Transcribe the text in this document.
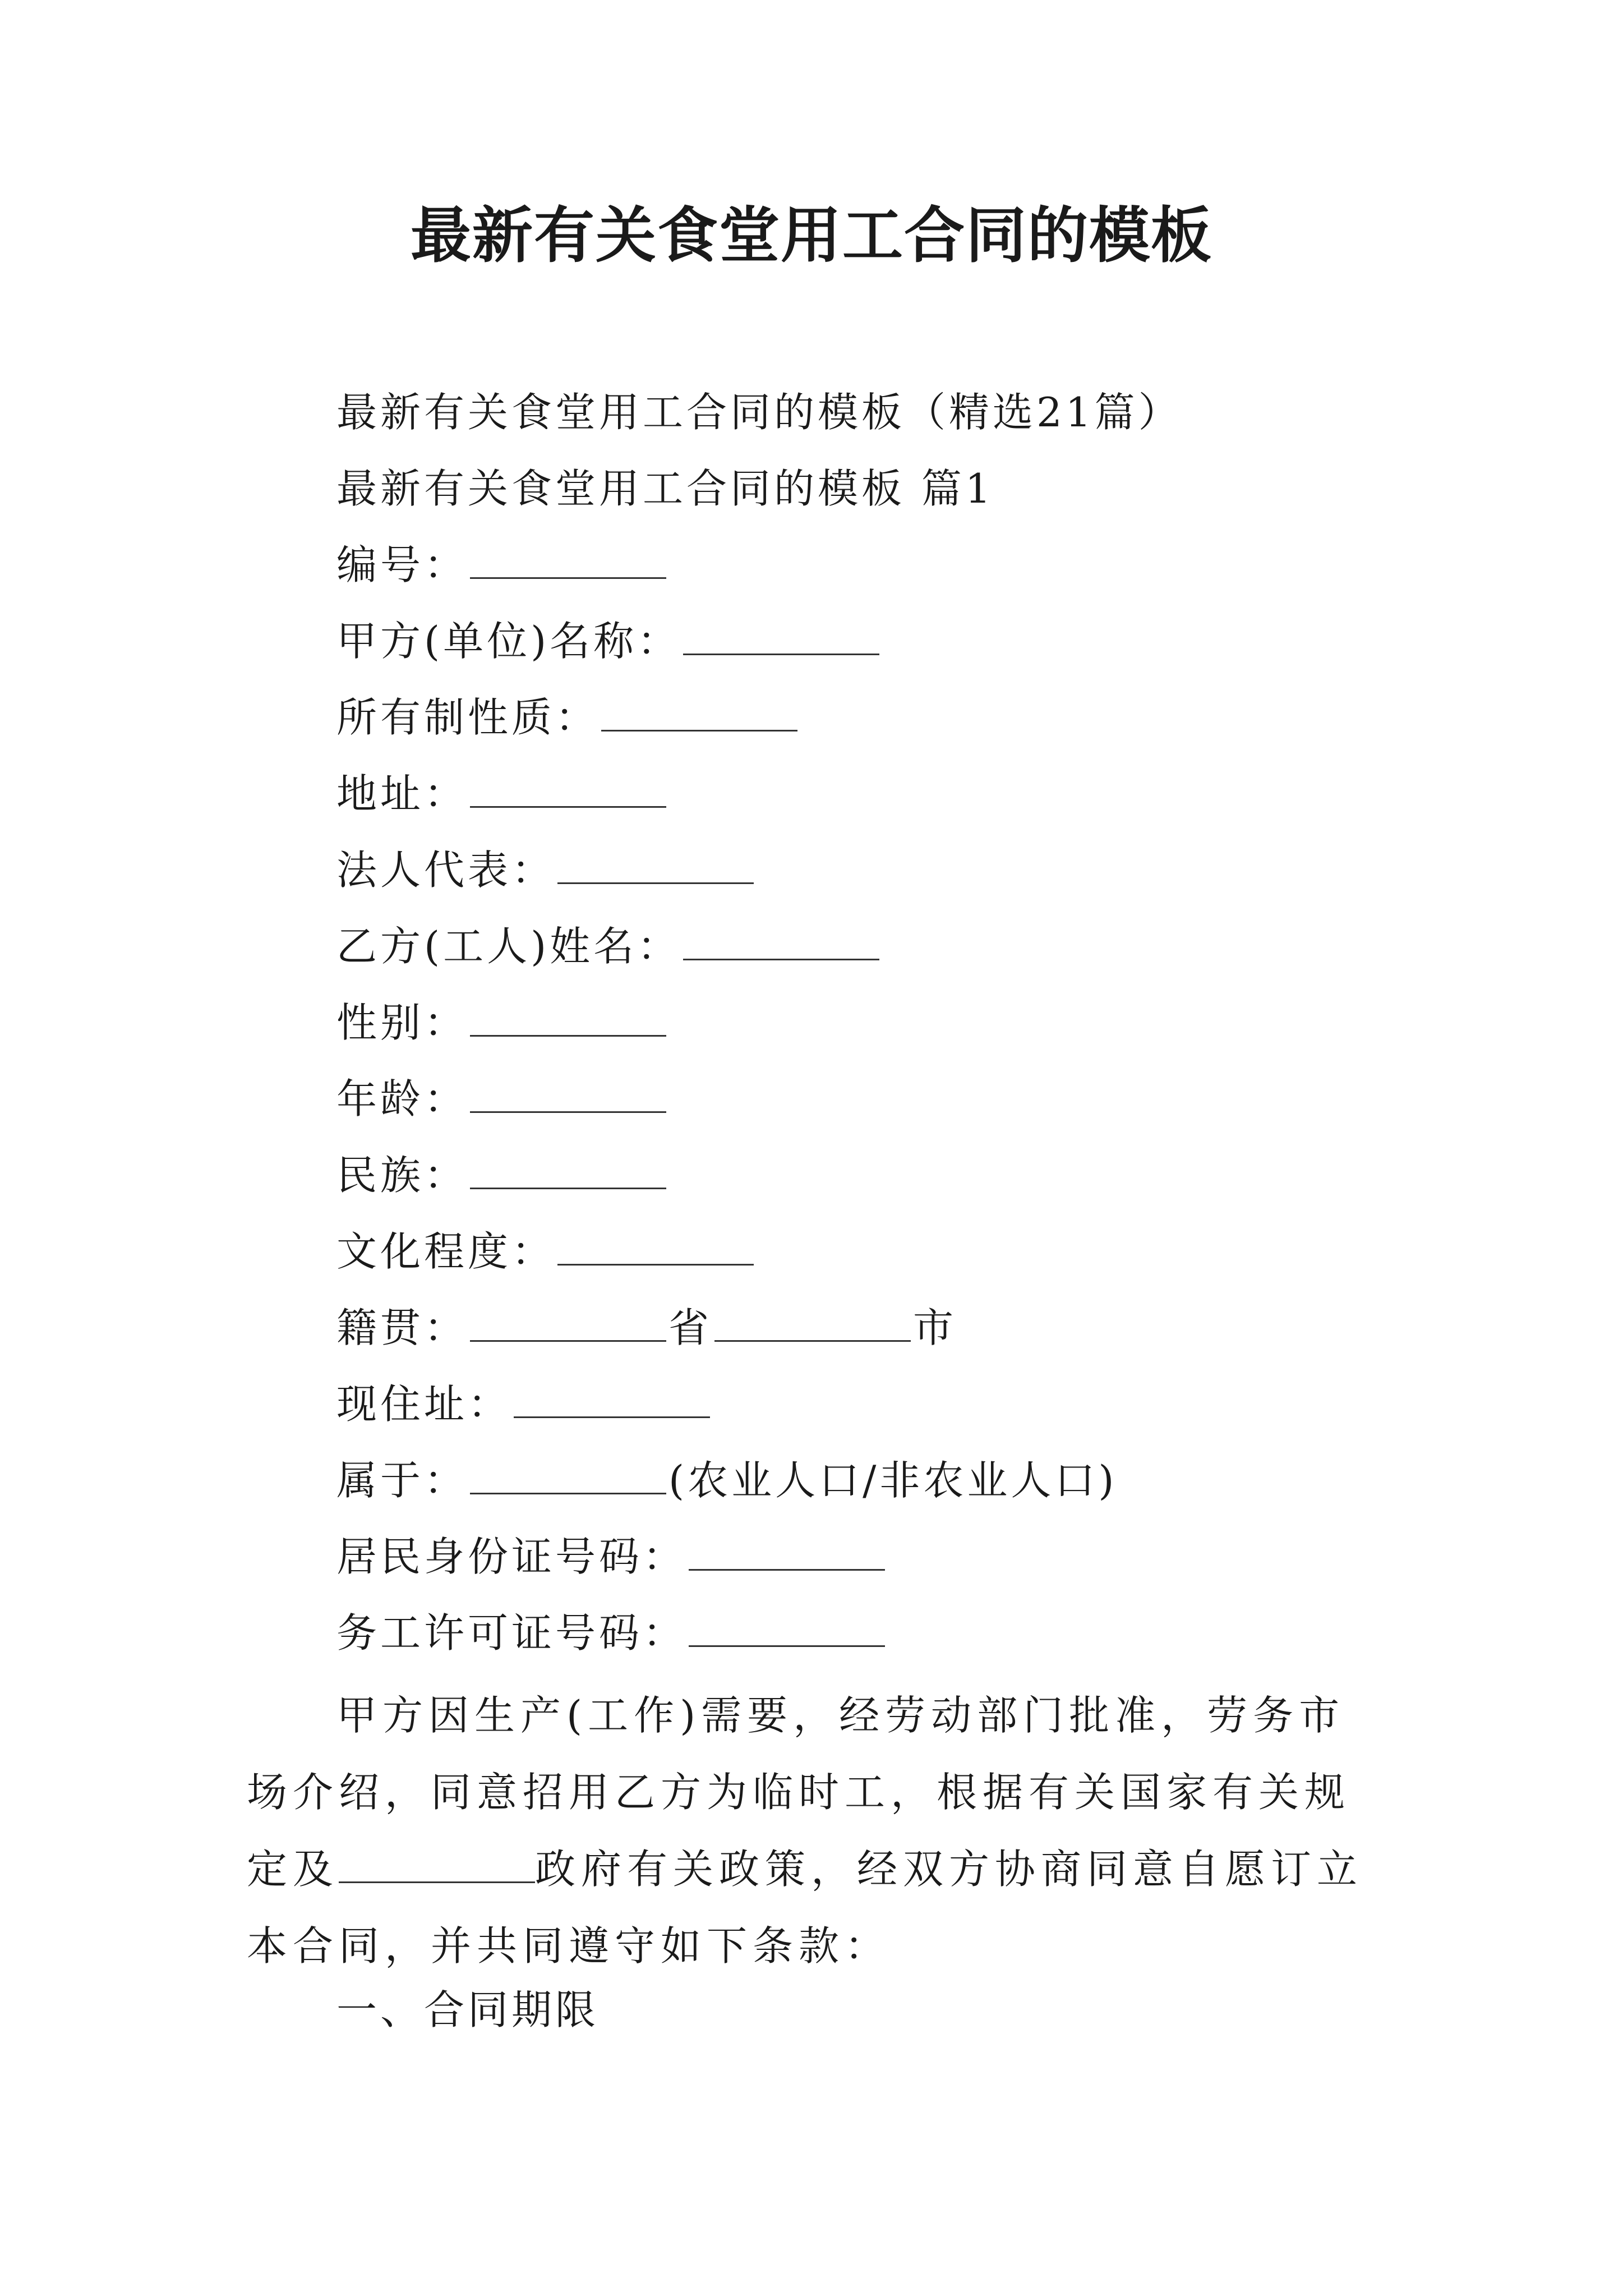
最新有关食堂用工合同的模板
最新有关食堂用工合同的模板（精选21篇）
最新有关食堂用工合同的模板 篇1
编号：
甲方(单位)名称：
所有制性质：
地址：
法人代表：
乙方(工人)姓名：
性别：
年龄：
民族：
文化程度：
籍贯：	省	市
现住址：
属于：	(农业人口/非农业人口)
居民身份证号码：
务工许可证号码：
甲方因生产(工作)需要，经劳动部门批准，劳务市场介绍，同意招用乙方为临时工，根据有关国家有关规定及	政府有关政策，经双方协商同意自愿订立本合同，并共同遵守如下条款：
一、合同期限
